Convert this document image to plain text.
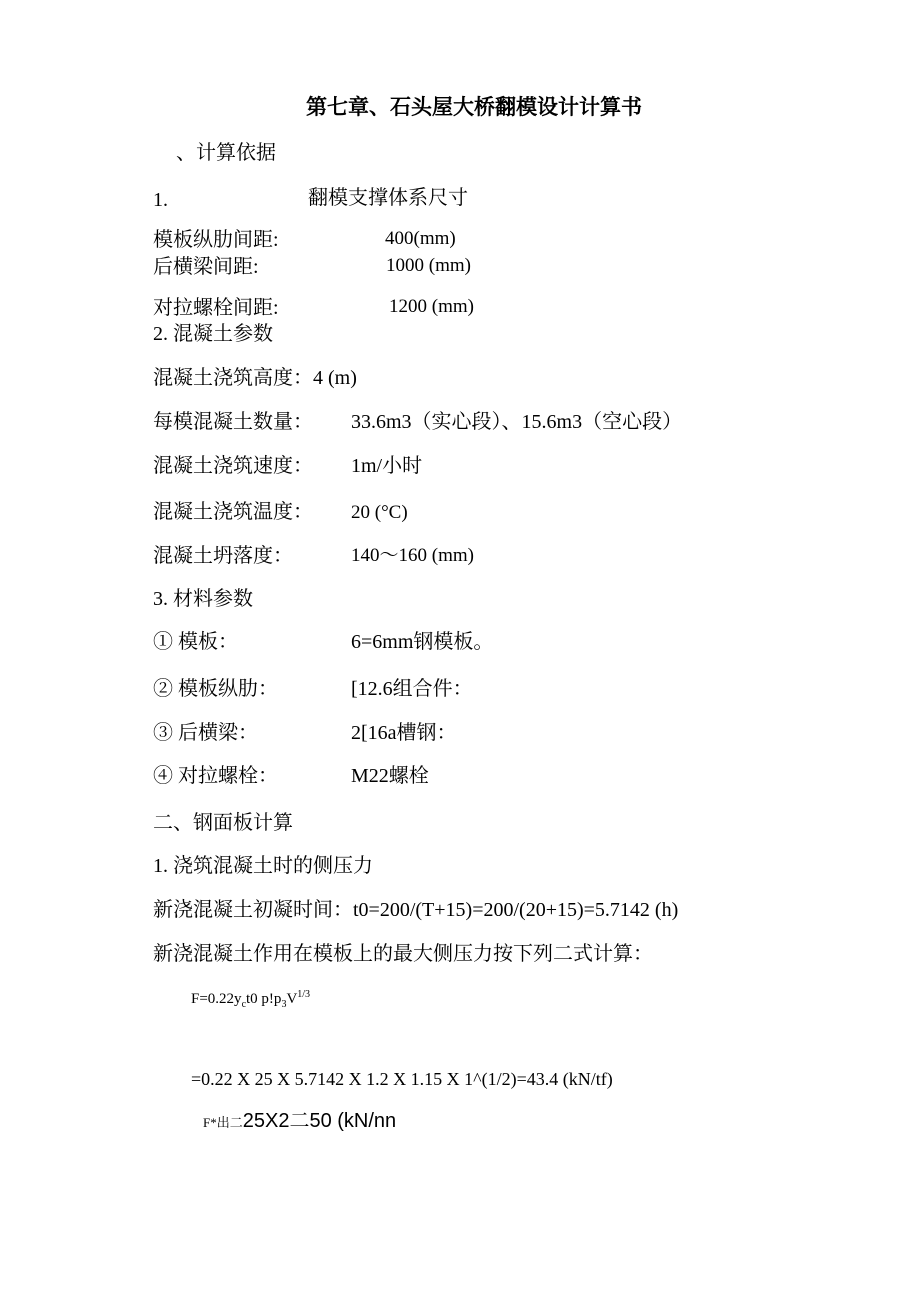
第七章、石头屋大桥翻模设计计算书
、计算依据
1.	翻模支撑体系尺寸
模板纵肋间距:	400(mm)
后横梁间距:	1000 (mm)
对拉螺栓间距:	1200 (mm)
2. 混凝土参数
混凝土浇筑高度：4 (m)
每模混凝土数量： 33.6m3（实心段）、15.6m3（空心段）
混凝土浇筑速度： 1m/小时
混凝土浇筑温度： 20 (°C)
混凝土坍落度：	140～160 (mm)
3. 材料参数
① 模板：	6=6mm钢模板。
② 模板纵肋：	[12.6组合件：
③ 后横梁：	2[16a槽钢：
④ 对拉螺栓：	M22螺栓
二、钢面板计算
1. 浇筑混凝土时的侧压力
新浇混凝土初凝时间：t0=200/(T+15)=200/(20+15)=5.7142 (h)
新浇混凝土作用在模板上的最大侧压力按下列二式计算：
$F=0.22y_ct0$ $p!p_3V^{1/3}$
=0.22 X 25 X 5.7142 X 1.2 X 1.15 X 1^(1/2)=43.4 (kN/tf)
F*出二25X2二50 (kN/nn
